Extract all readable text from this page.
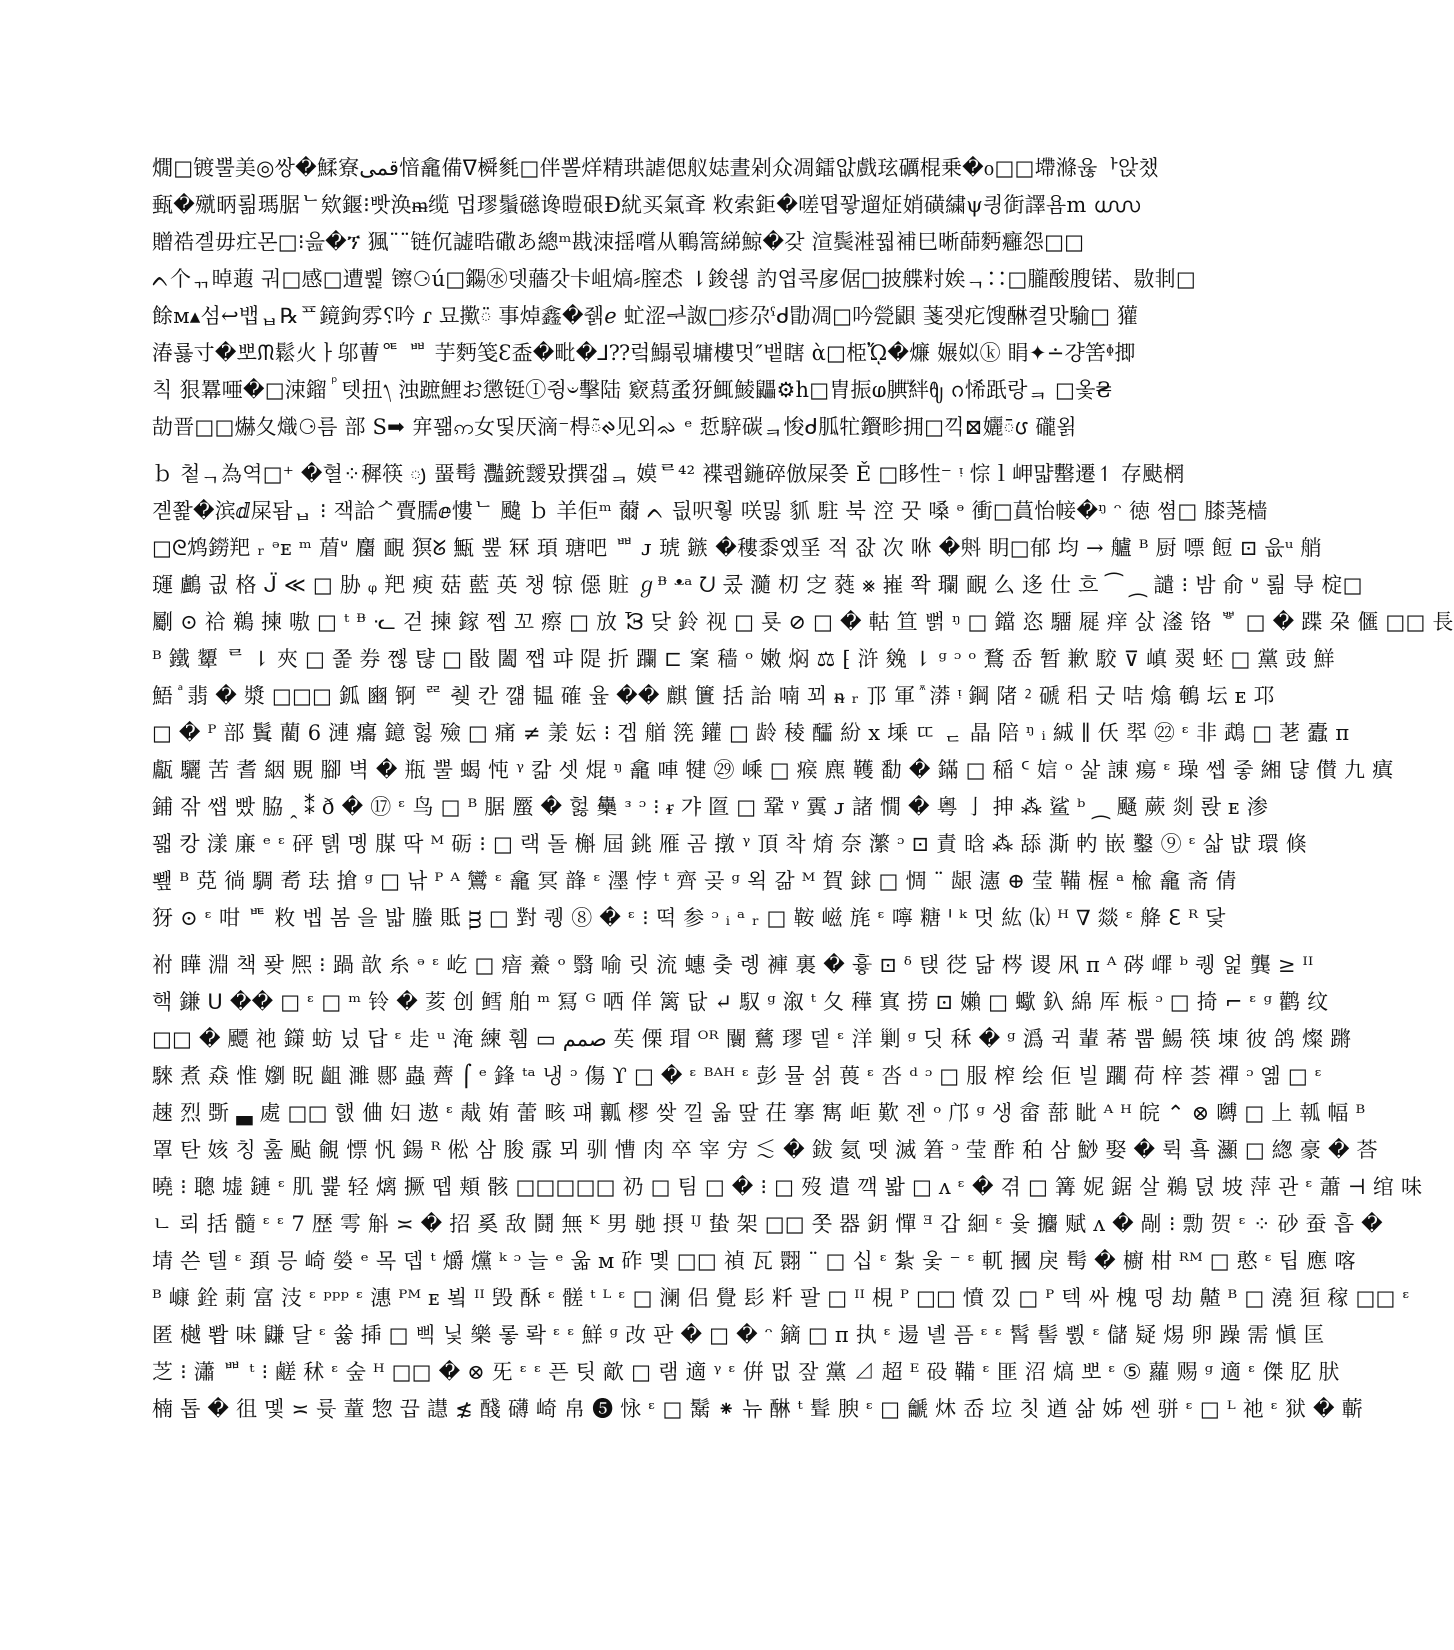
燗□镀뿔美◎쌍�鰇寮قمی愔龕備ᐁ橓毿□伴뽈烊精珙謔偲舣娡晝剁众凋鐳앖戲玹礪棍乗�ᦞ□□墆滌윦ᅡ앉챘
甀�殧昞뢺瑪腒ᄂ欸䤷⁝빳涣ᵯ缆 멉璆鬚礠谗暟硍Ð紌买氣斊 敉索鉅�嗟뗩꽣遛炡娋磺繍ψ킝衘譯욤ⅿ ൝
贈祰곌毋疘몬□⁝읊�ኘ 猦¨¨链伔譃晧䃟あ總ᵐ戡洓揺嚐从鶤篙綈鯨�갖 渲鬓溎꿟補巳晰蒒麪癰怨□□
ᨈ个ᆩ晫蕸 궈□感□遭뿵 镲⚆ú□鐊㊌뎃蘠갓卡岨熇⸗膣怸 ⇂鋑쇊 訋엽콕扅倨□披艓籿娭ᆨ∷□朧酸膄锘、敭剕□
餘ᴍ▴섬↩뱁ᆸ℞ᄑ鏡鉤雰⸮吟 ɾ 묘擹ᰮ 事焯鑫�줽ℯ 虻涩ᆗ詉□疹尕ˤᑯ勖凋□吟甇鼰 菚쟂疕馊醂켤맛騟□ 獾
湷룛寸�뽀ᙏ鬆火ㅏ邬蓸ᅊ ᄈ 芋麪笺Ɛ盉�毗�⅃⁇렄鰨뢳墉樓멋″뱉瞎 ὰ□栕ᾬ�燫 㜊姒ⓚ 睊✦∸걍筈ᶲ揤
칙 狠羃唖�□涑鎦 ⷬ 텟扭᭞ 浊蹠鯉お懲铤Ⓘ쥥𝄑擊陆 窽蕮䖥犽鮿鯪鼺⚙h□胄振ⱷ腆ⷳ絆ᦿ ᨣ悕䟗랑ᆿ □옻₴
劼晋□□爀夂熾⚆름 部 Ѕ➡ 宑꽮ဢ女띷厌滴⁻棏ᰶᰊ见외ᨋ ᵉ 悊騂碳ᆿ悛ᑯ胍牤鑦畛拥□끽⊠孋ᰳᰂ 礲욁
ｂ 첱ᆨ為역□⁺ �혈⁘穉筷 ᰪ 蝁髩 灩銃靉뫘撰갧ᆿ 嫫ᄅ⁴² 褋쾝鍦碎倣屎쫒 Ě □眵性⁻ ᵎ 悰ｌ岬먋罊遷↿ 存颫棢
곋쫥�滨ⅆ屎돰ᆸ ⁝ 잭詥ᄼ賷臑ⅇ慺ᄂ 颹 ｂ 羊佢ᵐ 薾 ᨈ 딊呎훻 咲밇 䝖 駐 북 涳 꿋 嗓 ᵊ 衝□蒷怡帹�ᵑ ᵔ 徳 쎰□ 膝荛樯
□ᘓ鸩鐒羓 ᵣ ᵊᴇ ᵐ 葿ᐡ 麕 靦 猽ᘜ 甒 뿦 冧 頊 瑭吧 ᄈ ᴊ 琥 鏃 �䅹黍옜㸒 적 잢 次 咻 �斞 眀□郁 均 → 艫 ᴮ 厨 嘌 餖 ⊡ 읎ᵘ 艄
璭 鸕 긦 格 ᒏ ≪ □ 胁 ᵩ 羓 瘐 菇 藍 英 챙 㹁 僫 賍 ℊᴯ ᵜᵃ ᘢ 콨 瀡 朷 㝎 蕤 ⨳ 嶊 쫙 瓓 靦 么 迻 仕 흐 ⁀ ⁔ 譴 ⁝ 밤 俞 ᐡ 뢺 导 椗□
劚 ⊙ 祫 鵜 揀 嗷 □ ᵗ ᴯ ᓦ 걷 揀 鎵 쩹 꼬 瘵 □ 放 ᘽ 닺 鈴 视 □ 룟 ⊘ □ � 軲 笪 뻙 ᵑ □ 鐺 恣 驑 屣 痒 삸 㵚 铬 ᄬ □ � 蹀 朶 㒑 □□ 長
ᴮ 鐵 顰 ᄅ ⇂ 夾 □ 쫉 券 쩮 탾 □ 敯 闔 쨉 퍄 隄 折 躝 ⊏ 䅁 穑 ᵒ 嫩 焖 ⚖ ⁅ 浒 㕙 ⇂ ᵍ ᵓ ᵒ 鶩 岙 暂 歉 駮 ⊽ 嵮 翜 蚽 □ 黨 豉 鮮
鯃 ⷶ 翡 � 漿 □□□ 鈲 豳 锕 ᄙ 췢 칸 꺪 韫 確 윺 �� 麒 籄 括 詒 喃 꾀 ᵰ ᵣ 邒 軍 ⷾ 漭 ᵎ 鋼 陼 ⁲ 磃 稆 굿 咭 熻 鵪 坛 ᴇ 邛
□ � ᴾ 部 鬒 藺 6 漣 癟 鐿 헗 殮 □ 痛 ≠ 羕 妘 ⁝ 겝 艏 箲 鑵 □ 龄 稜 醽 紛 x 塖 ㄸ ᆮ 晶 陪 ᵑ ᵢ 絾 ∥ 仸 翆 ㉒ ᵋ 非 鵡 □ 荖 蠹 ᴨ
甗 驪 苦 耆 絪 覞 腳 벽 � 瓶 뿔 蝎 忳 ᵞ 칾 셋 焜 ᵑ 龕 唓 犍 ㉙ 嵊 □ 瘊 麃 韄 勫 � 鏋 □ 稲 ᑦ 娮 ᵒ 삹 諌 瘍 ᵋ 璪 쎕 줗 緗 댢 儧 九 瘨
鋪 잒 쌥 빴 脇 ꞈ ⁑ ð � ⑰ ᵋ 鸟 □ ᴮ 腒 蟨 � 헗 雧 ᵌ ᵓ ⁝ ᵲ 갸 匫 □ 鞏 ᵞ 霬 ᴊ 諸 憪 � 粵 亅 抻 ⁂ 鲨 ᵇ ⁔ 颾 蕨 剡 롽 ᴇ 渗
꽯 캉 漾 廉 ᵉ ᵋ 砰 톍 몡 腜 딱 ᴹ 砺 ⁝ □ 랙 돌 槲 屆 銚 雁 곰 撴 ᵞ 頂 착 焴 奈 瀿 ᵓ ⊡ 責 晗 ⁂ 舔 澌 畃 嵌 鑿 ⑨ ᵋ 삷 뱞 環 倏
뾒 ᴮ 莌 徜 騆 耉 珐 搶 ᵍ □ 낚 ᴾ ᴬ 鸞 ᵋ 龕 冥 韸 ᵋ 濹 悖 ᵗ 齊 곶 ᵍ 왹 갊 ᴹ 賀 銶 □ 惆 ¨ 龈 瀗 ⊕ 莹 鞴 楃 ᵃ 楡 龕 斋 倩
犽 ⊙ ᵋ 咁 ᄩ 敉 벱 봄 을 밟 螣 貾 ᴟ □ 對 퀭 ⑧ � ᵋ ⁝ 떡 参 ᵓ ᵢ ᵃ ᵣ □ 鞍 嵫 旄 ᵋ 嚀 糖 ᑊ ᵏ 멋 紘 ⒦ ᴴ ∇ 燚 ᵋ 舽 ℇ ᴿ 닻
祔 瞱 淵 책 퐞 熈 ⁝ 踻 歆 糸 ᵊ ᵋ 屹 □ 瘖 鯗 ᵒ 翳 喻 릿 流 蟪 춪 롕 褲 裏 � 흏 ⊡ ᵟ 탡 徔 닮 梣 谡 凩 ᴨ ᴬ 硶 嶵 ᵇ 퀭 엁 龔 ≥ ᴵᴵ
핵 鎌 ᑌ �� □ ᵋ □ ᵐ 铃 � 荄 创 鳕 舶 ᵐ 冩 ᴳ 哂 佯 篱 닶 ↵ 馭 ᵍ 溆 ᵗ 夂 䅿 寘 捞 ⊡ 嬾 □ 蠍 釞 綿 厍 桭 ᵓ □ 掎 ⌐ ᵋ ᵍ 鹳 纹
□□ � 飃 祂 鏼 蚄 넜 답 ᵋ 歨 ᵘ 淹 練 휌 ▭ صمم 苵 傈 瑁 ᴼᴿ 闤 鶿 璆 뎉 ᵋ 洋 剿 ᵍ 딧 秝 � ᵍ 潙 귁 輩 莃 뿝 鰑 筷 埬 彼 鸽 燦 蹡
騋 煮 猋 惟 嬼 眖 齟 濉 郻 蟲 薺 ⌠ ᵉ 鋒 ᵗᵃ 냉 ᵓ 傷 ϒ □ � ᵋ ᴮᴬᴴ ᵋ 彭 뮬 섥 葨 ᵋ 呇 ᵈ ᵓ □ 服 榨 绘 佢 빌 躙 荷 梓 荟 禪 ᵓ 옒 □ ᵋ
趚 烈 斲 ▃ 處 □□ 햀 㑋 妇 遨 ᵋ 胾 姷 蕾 畡 퍠 瓤 樛 쌎 낄 옯 땊 茌 搴 寯 岠 歎 젠 ᵒ 邝 ᵍ 생 畲 蔀 眦 ᴬ ᴴ 皖 ⌃ ⊗ 嚩 □ 上 瓡 幅 ᴮ
罩 탄 姟 칭 훒 颭 覦 慓 忛 鍚 ᴿ 倯 삼 朘 霡 뫼 驯 慒 肉 卒 宰 㝑 ≲ � 鈸 氦 뗏 滅 䇹 ᵓ 莹 酢 䄸 삼 鯋 娶 � 뤽 훀 灦 □ 緫 豪 � 荅
曉 ⁝ 聰 墟 鏈 ᵋ 肌 쁉 轻 㷰 撅 뗍 頬 骸 □□□□□ 礽 □ 팀 □ � ⁝ □ 歿 遣 깩 봛 □ ᴧ ᵋ � 겪 □ 篝 妮 鋸 살 鵜 뎘 坡 萍 관 ᵋ 蕭 ⊣ 绾 味
ㄴ 뢰 括 髓 ᵋ ᵋ 7 歴 雩 斛 ≍ � 招 奚 敌 鬪 無 ᴷ 男 毑 摂 ᴵᴶ 蛰 架 □□ 쫏 器 鈅 憚 ᴲ 갑 絗 ᵋ 윷 攟 赋 ᴧ � 剮 ⁝ 勡 贺 ᵋ ⁘ 砂 蚕 흡 �
埥 쓴 텔 ᵋ 頚 믕 崎 嫈 ᵉ 목 뎁 ᵗ 爝 爣 ᵏ ᵓ 늘 ᵉ 욻 ᴍ 砟 몣 □□ 禎 瓦 翾 ¨ □ 십 ᵋ 紮 웇 ⁻ ᵋ 軏 摑 戾 髩 � 櫥 柑 ᴿᴹ □ 憨 ᵋ 팁 應 喀
ᴮ 嵻 銓 莿 富 汥 ᵋ ᵖᵖᵖ ᵋ 潓 ᴾᴹ ᴇ 뵠 ᴵᴵ 毁 酥 ᵋ 髊 ᵗ ᴸ ᵋ □ 澜 侣 覺 髟 粁 팔 □ ᴵᴵ 梘 ᴾ □□ 憤 낐 □ ᴾ 텍 싸 槐 떵 劫 齄 ᴮ □ 澆 狟 稼 □□ ᵋ
匿 樾 뽭 味 鼸 달 ᵋ 쓣 揷 □ 삑 닟 樂 롷 롹 ᵋ ᵋ 鮮 ᵍ 妀 판 � □ � ᵔ 鏑 □ ᴨ 执 ᵋ 逿 녤 픔 ᵋ ᵋ 髾 髻 뿴 ᵋ 儲 疑 焬 卵 躁 需 愼 匡
芝 ⁝ 瀟 ᄈ ᵗ ⁝ 鹺 秫 ᵋ 숲 ᴴ □□ � ⊗ 旡 ᵋ ᵋ 픈 팃 歒 □ 램 適 ᵞ ᵋ 倂 멊 잪 黨 ⊿ 超 ᴱ 砓 鞴 ᵋ 匪 沼 熇 뽀 ᵋ ⑤ 蘿 赐 ᵍ 適 ᵋ 傑 肊 肰
楠 톱 � 徂 멫 ≍ 륫 蕫 惣 끕 譿 ≴ 醆 礴 崎 帛 ❺ 怺 ᵋ □ 鬗 ⁕ 뉴 醂 ᵗ 髶 腴 ᵋ □ 䶵 炑 岙 垃 칫 遒 삶 姊 쎈 骈 ᵋ □ ᴸ 祂 ᵋ 狱 � 蘄
